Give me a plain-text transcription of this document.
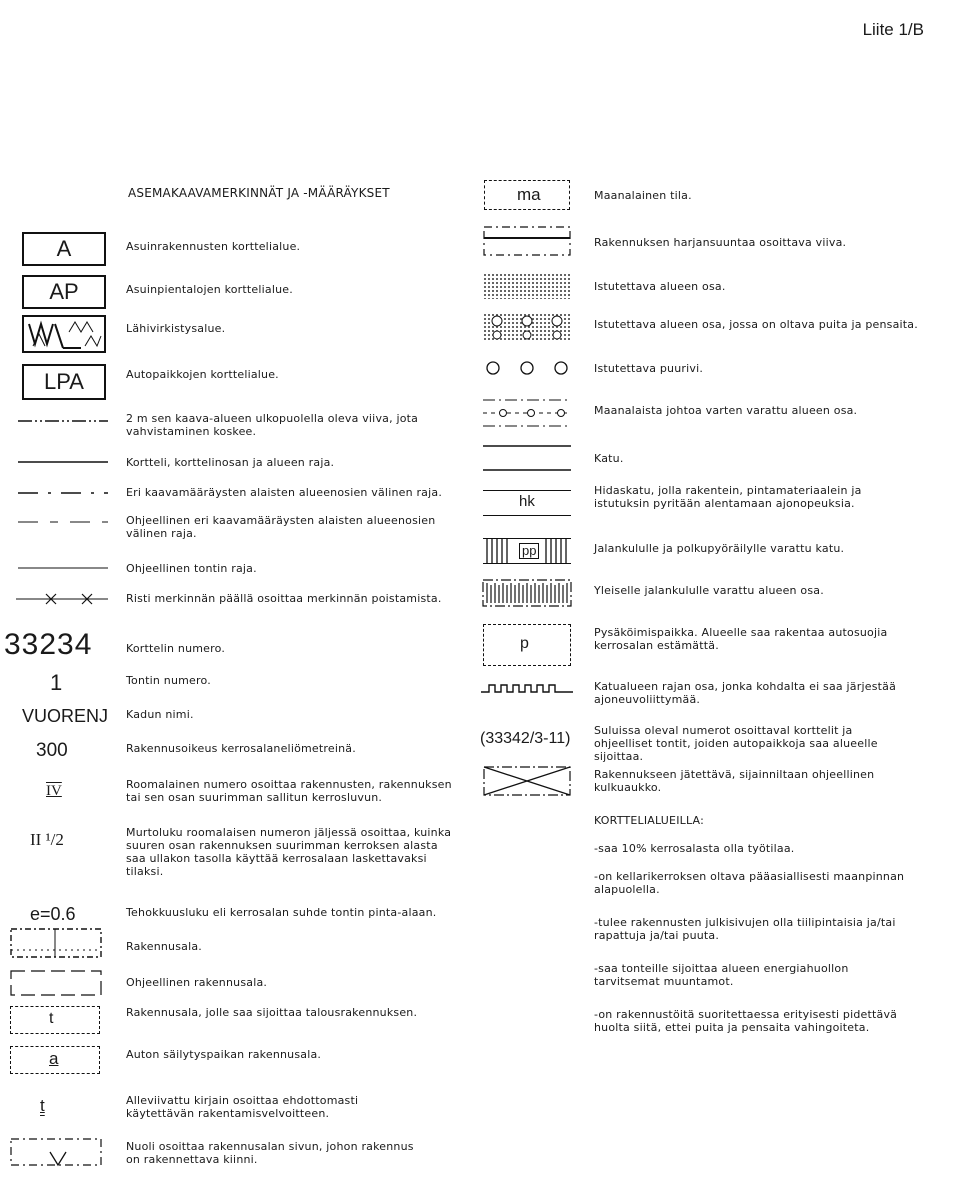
Liite 1/B
ASEMAKAAVAMERKINNÄT JA -MÄÄRÄYKSET
A
AP
LPA
33234
1
VUORENJ
300
IV
II ¹/2
e=0.6
t
a
t
Asuinrakennusten korttelialue.
Asuinpientalojen korttelialue.
Lähivirkistysalue.
Autopaikkojen korttelialue.
2 m sen kaava-alueen ulkopuolella oleva viiva, jota vahvistaminen koskee.
Kortteli, korttelinosan ja alueen raja.
Eri kaavamääräysten alaisten alueenosien välinen raja.
Ohjeellinen eri kaavamääräysten alaisten alueenosien välinen raja.
Ohjeellinen tontin raja.
Risti merkinnän päällä osoittaa merkinnän poistamista.
Korttelin numero.
Tontin numero.
Kadun nimi.
Rakennusoikeus kerrosalaneliömetreinä.
Roomalainen numero osoittaa rakennusten, rakennuksen tai sen osan suurimman sallitun kerrosluvun.
Murtoluku roomalaisen numeron jäljessä osoittaa, kuinka suuren osan rakennuksen suurimman kerroksen alasta saa ullakon tasolla käyttää kerrosalaan laskettavaksi tilaksi.
Tehokkuusluku eli kerrosalan suhde tontin pinta-alaan.
Rakennusala.
Ohjeellinen rakennusala.
Rakennusala, jolle saa sijoittaa talousrakennuksen.
Auton säilytyspaikan rakennusala.
Alleviivattu kirjain osoittaa ehdottomasti käytettävän rakentamisvelvoitteen.
Nuoli osoittaa rakennusalan sivun, johon rakennus on rakennettava kiinni.
ma
hk
pp
p
(33342/3-11)
Maanalainen tila.
Rakennuksen harjansuuntaa osoittava viiva.
Istutettava alueen osa.
Istutettava alueen osa, jossa on oltava puita ja pensaita.
Istutettava puurivi.
Maanalaista johtoa varten varattu alueen osa.
Katu.
Hidaskatu, jolla rakentein, pintamateriaalein ja istutuksin pyritään alentamaan ajonopeuksia.
Jalankululle ja polkupyöräilylle varattu katu.
Yleiselle jalankululle varattu alueen osa.
Pysäköimispaikka. Alueelle saa rakentaa autosuojia kerrosalan estämättä.
Katualueen rajan osa, jonka kohdalta ei saa järjestää ajoneuvoliittymää.
Suluissa oleval numerot osoittaval korttelit ja ohjeelliset tontit, joiden autopaikkoja saa alueelle sijoittaa.
Rakennukseen jätettävä, sijainniltaan ohjeellinen kulkuaukko.
KORTTELIALUEILLA:
-saa 10% kerrosalasta olla työtilaa.
-on kellarikerroksen oltava pääasiallisesti maanpinnan alapuolella.
-tulee rakennusten julkisivujen olla tiilipintaisia ja/tai rapattuja ja/tai puuta.
-saa tonteille sijoittaa alueen energiahuollon tarvitsemat muuntamot.
-on rakennustöitä suoritettaessa erityisesti pidettävä huolta siitä, ettei puita ja pensaita vahingoiteta.
